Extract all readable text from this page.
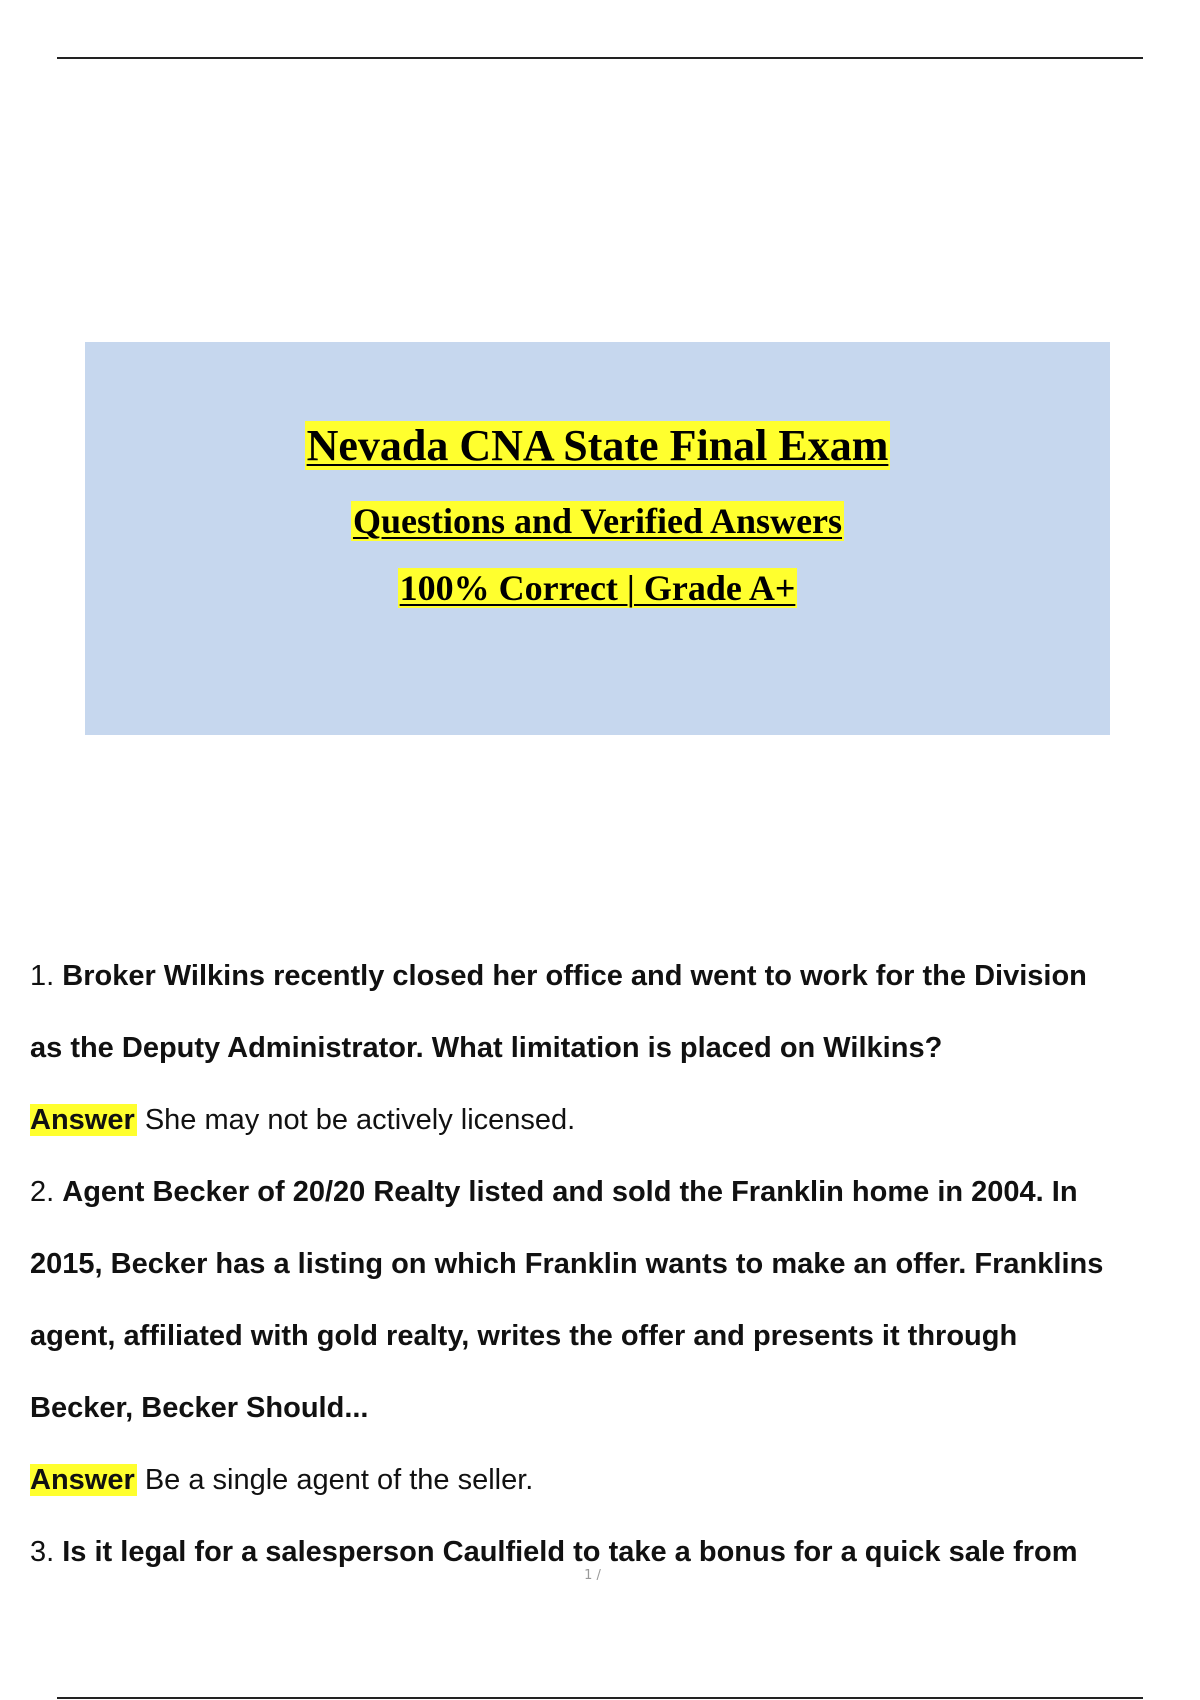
Nevada CNA State Final Exam
Questions and Verified Answers
100% Correct | Grade A+
1. Broker Wilkins recently closed her office and went to work for the Division
as the Deputy Administrator. What limitation is placed on Wilkins?
Answer She may not be actively licensed.
2. Agent Becker of 20/20 Realty listed and sold the Franklin home in 2004. In
2015, Becker has a listing on which Franklin wants to make an offer. Franklins
agent, affiliated with gold realty, writes the offer and presents it through
Becker, Becker Should...
Answer Be a single agent of the seller.
3. Is it legal for a salesperson Caulfield to take a bonus for a quick sale from
1 /
